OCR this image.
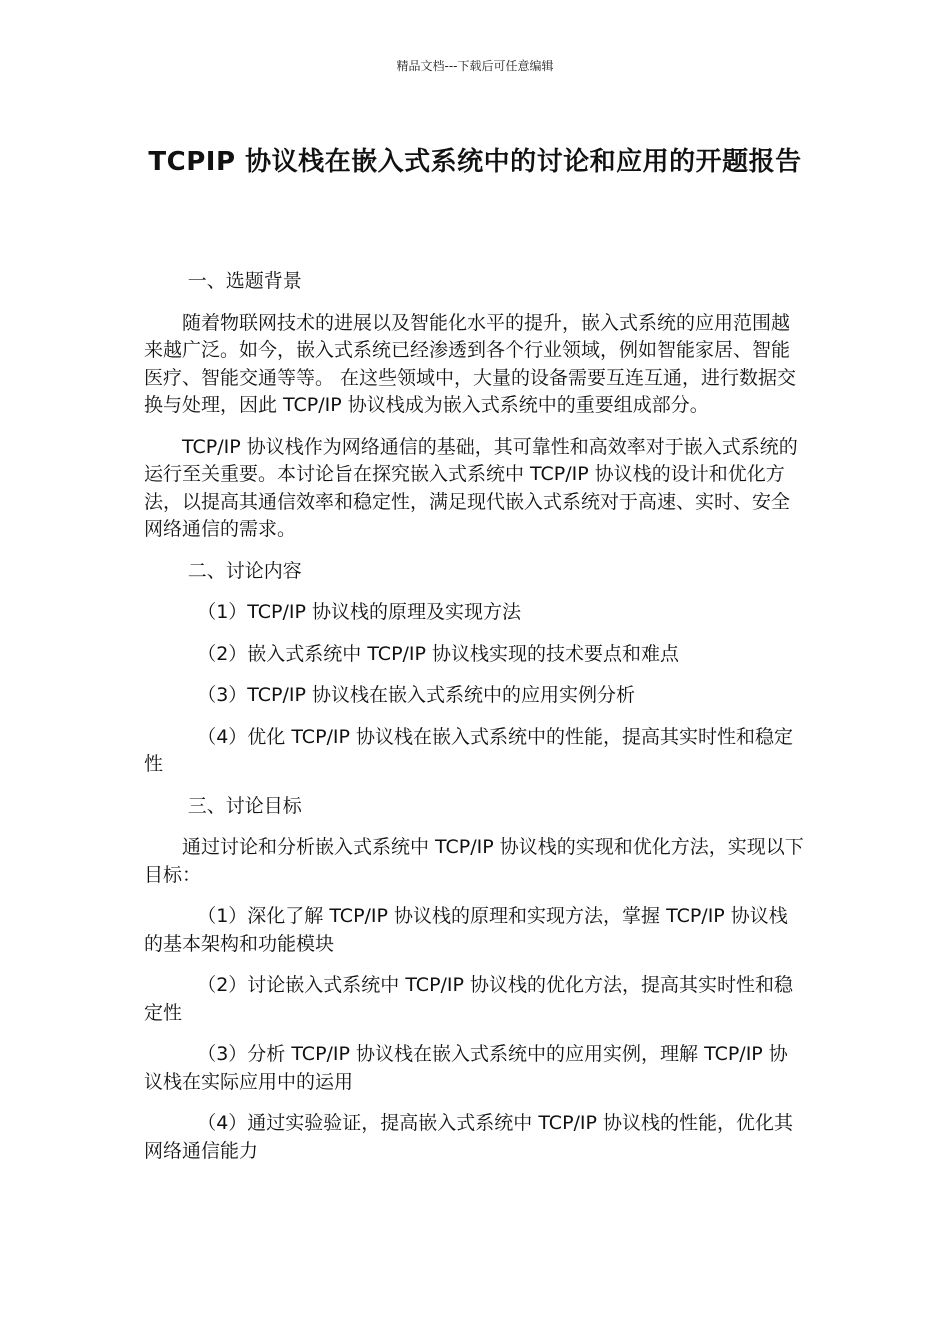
精品文档---下载后可任意编辑
TCPIP 协议栈在嵌入式系统中的讨论和应用的开题报告

一、选题背景

随着物联网技术的进展以及智能化水平的提升，嵌入式系统的应用范围越来越广泛。如今，嵌入式系统已经渗透到各个行业领域，例如智能家居、智能医疗、智能交通等等。 在这些领域中，大量的设备需要互连互通，进行数据交换与处理，因此 TCP/IP 协议栈成为嵌入式系统中的重要组成部分。

TCP/IP 协议栈作为网络通信的基础，其可靠性和高效率对于嵌入式系统的运行至关重要。本讨论旨在探究嵌入式系统中 TCP/IP 协议栈的设计和优化方法，以提高其通信效率和稳定性，满足现代嵌入式系统对于高速、实时、安全网络通信的需求。

二、讨论内容

（1）TCP/IP 协议栈的原理及实现方法

（2）嵌入式系统中 TCP/IP 协议栈实现的技术要点和难点

（3）TCP/IP 协议栈在嵌入式系统中的应用实例分析

（4）优化 TCP/IP 协议栈在嵌入式系统中的性能，提高其实时性和稳定性

三、讨论目标

通过讨论和分析嵌入式系统中 TCP/IP 协议栈的实现和优化方法，实现以下目标：

（1）深化了解 TCP/IP 协议栈的原理和实现方法，掌握 TCP/IP 协议栈的基本架构和功能模块

（2）讨论嵌入式系统中 TCP/IP 协议栈的优化方法，提高其实时性和稳定性

（3）分析 TCP/IP 协议栈在嵌入式系统中的应用实例，理解 TCP/IP 协议栈在实际应用中的运用

（4）通过实验验证，提高嵌入式系统中 TCP/IP 协议栈的性能，优化其网络通信能力
